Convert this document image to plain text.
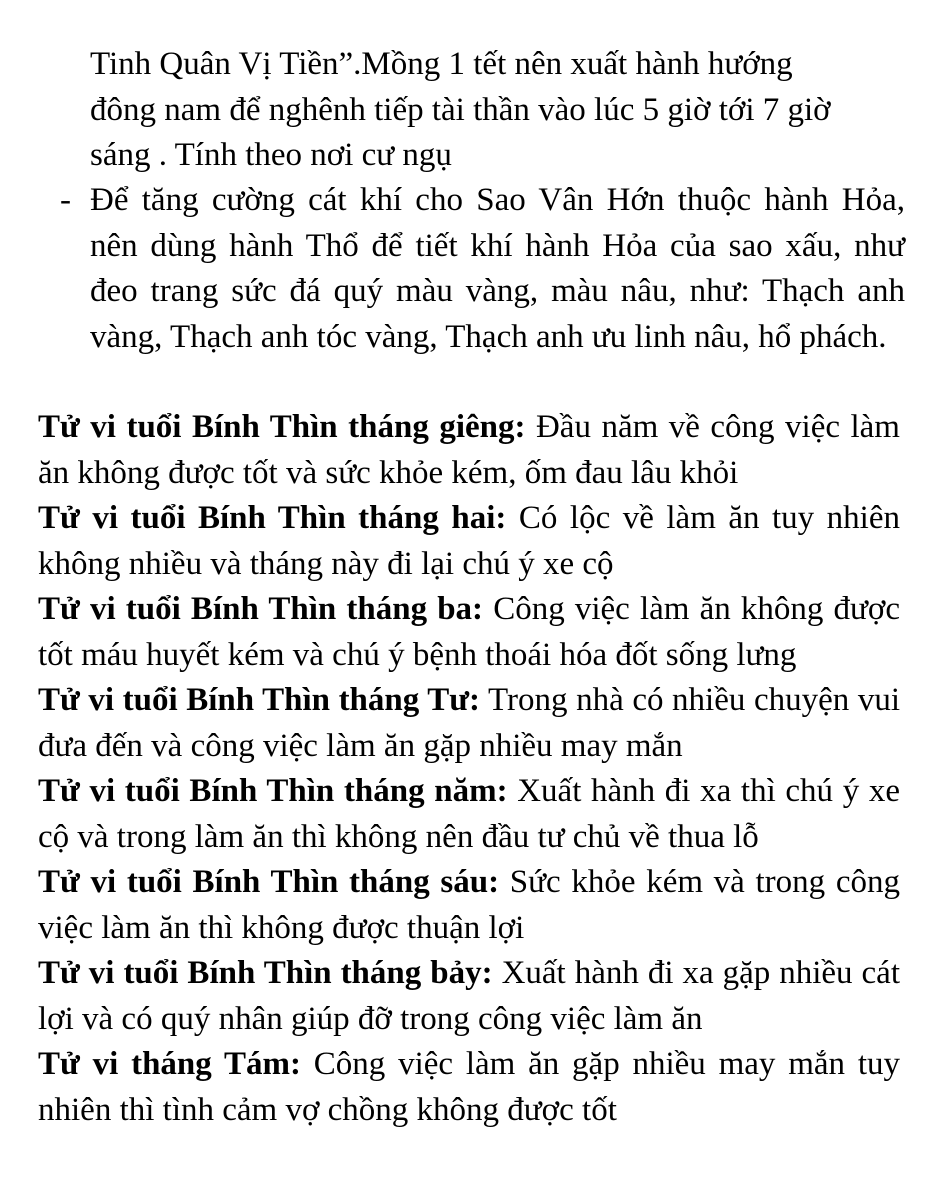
Tinh Quân Vị Tiền”.Mồng 1 tết nên xuất hành hướng
đông nam để nghênh tiếp tài thần vào lúc 5 giờ tới 7 giờ
sáng . Tính theo nơi cư ngụ
- Để tăng cường cát khí cho Sao Vân Hớn thuộc hành Hỏa, nên dùng hành Thổ để tiết khí hành Hỏa của sao xấu, như đeo trang sức đá quý màu vàng, màu nâu, như: Thạch anh vàng, Thạch anh tóc vàng, Thạch anh ưu linh nâu, hổ phách.
Tử vi tuổi Bính Thìn tháng giêng: Đầu năm về công việc làm ăn không được tốt và sức khỏe kém, ốm đau lâu khỏi
Tử vi tuổi Bính Thìn tháng hai: Có lộc về làm ăn tuy nhiên không nhiều và tháng này đi lại chú ý xe cộ
Tử vi tuổi Bính Thìn tháng ba: Công việc làm ăn không được tốt máu huyết kém và chú ý bệnh thoái hóa đốt sống lưng
Tử vi tuổi Bính Thìn tháng Tư: Trong nhà có nhiều chuyện vui đưa đến và công việc làm ăn gặp nhiều may mắn
Tử vi tuổi Bính Thìn tháng năm: Xuất hành đi xa thì chú ý xe cộ và trong làm ăn thì không nên đầu tư chủ về thua lỗ
Tử vi tuổi Bính Thìn tháng sáu: Sức khỏe kém và trong công việc làm ăn thì không được thuận lợi
Tử vi tuổi Bính Thìn tháng bảy: Xuất hành đi xa gặp nhiều cát lợi và có quý nhân giúp đỡ trong công việc làm ăn
Tử vi tháng Tám: Công việc làm ăn gặp nhiều may mắn tuy nhiên thì tình cảm vợ chồng không được tốt
